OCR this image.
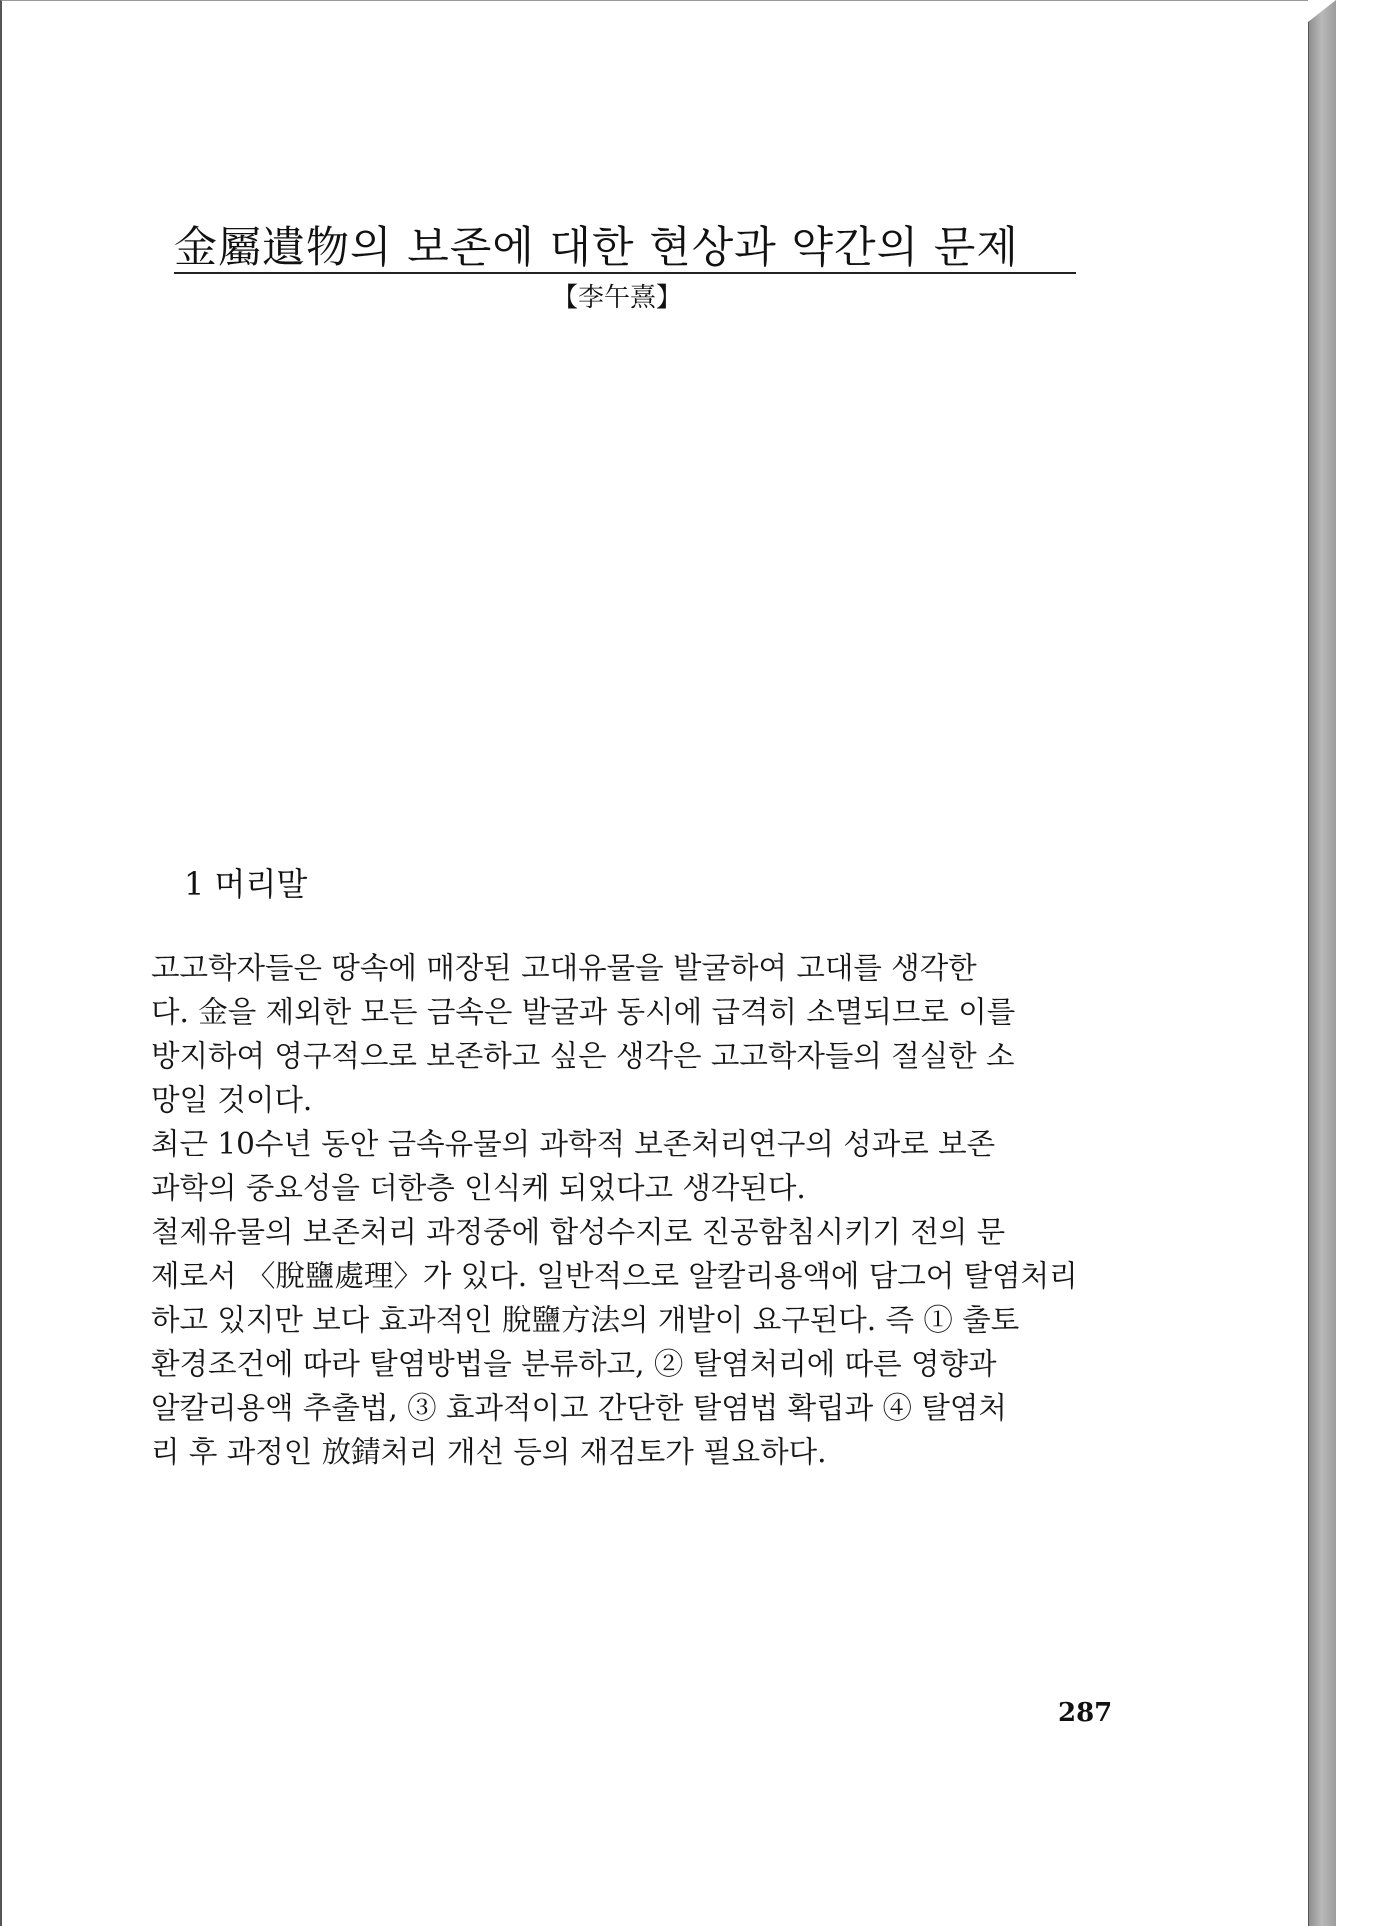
金屬遺物의 보존에 대한 현상과 약간의 문제
【李午熹】
1 머리말
고고학자들은 땅속에 매장된 고대유물을 발굴하여 고대를 생각한
다. 金을 제외한 모든 금속은 발굴과 동시에 급격히 소멸되므로 이를
방지하여 영구적으로 보존하고 싶은 생각은 고고학자들의 절실한 소
망일 것이다.
최근 10수년 동안 금속유물의 과학적 보존처리연구의 성과로 보존
과학의 중요성을 더한층 인식케 되었다고 생각된다.
철제유물의 보존처리 과정중에 합성수지로 진공함침시키기 전의 문
제로서 〈脫鹽處理〉가 있다. 일반적으로 알칼리용액에 담그어 탈염처리
하고 있지만 보다 효과적인 脫鹽方法의 개발이 요구된다. 즉 ① 출토
환경조건에 따라 탈염방법을 분류하고, ② 탈염처리에 따른 영향과
알칼리용액 추출법, ③ 효과적이고 간단한 탈염법 확립과 ④ 탈염처
리 후 과정인 放錆처리 개선 등의 재검토가 필요하다.
287
